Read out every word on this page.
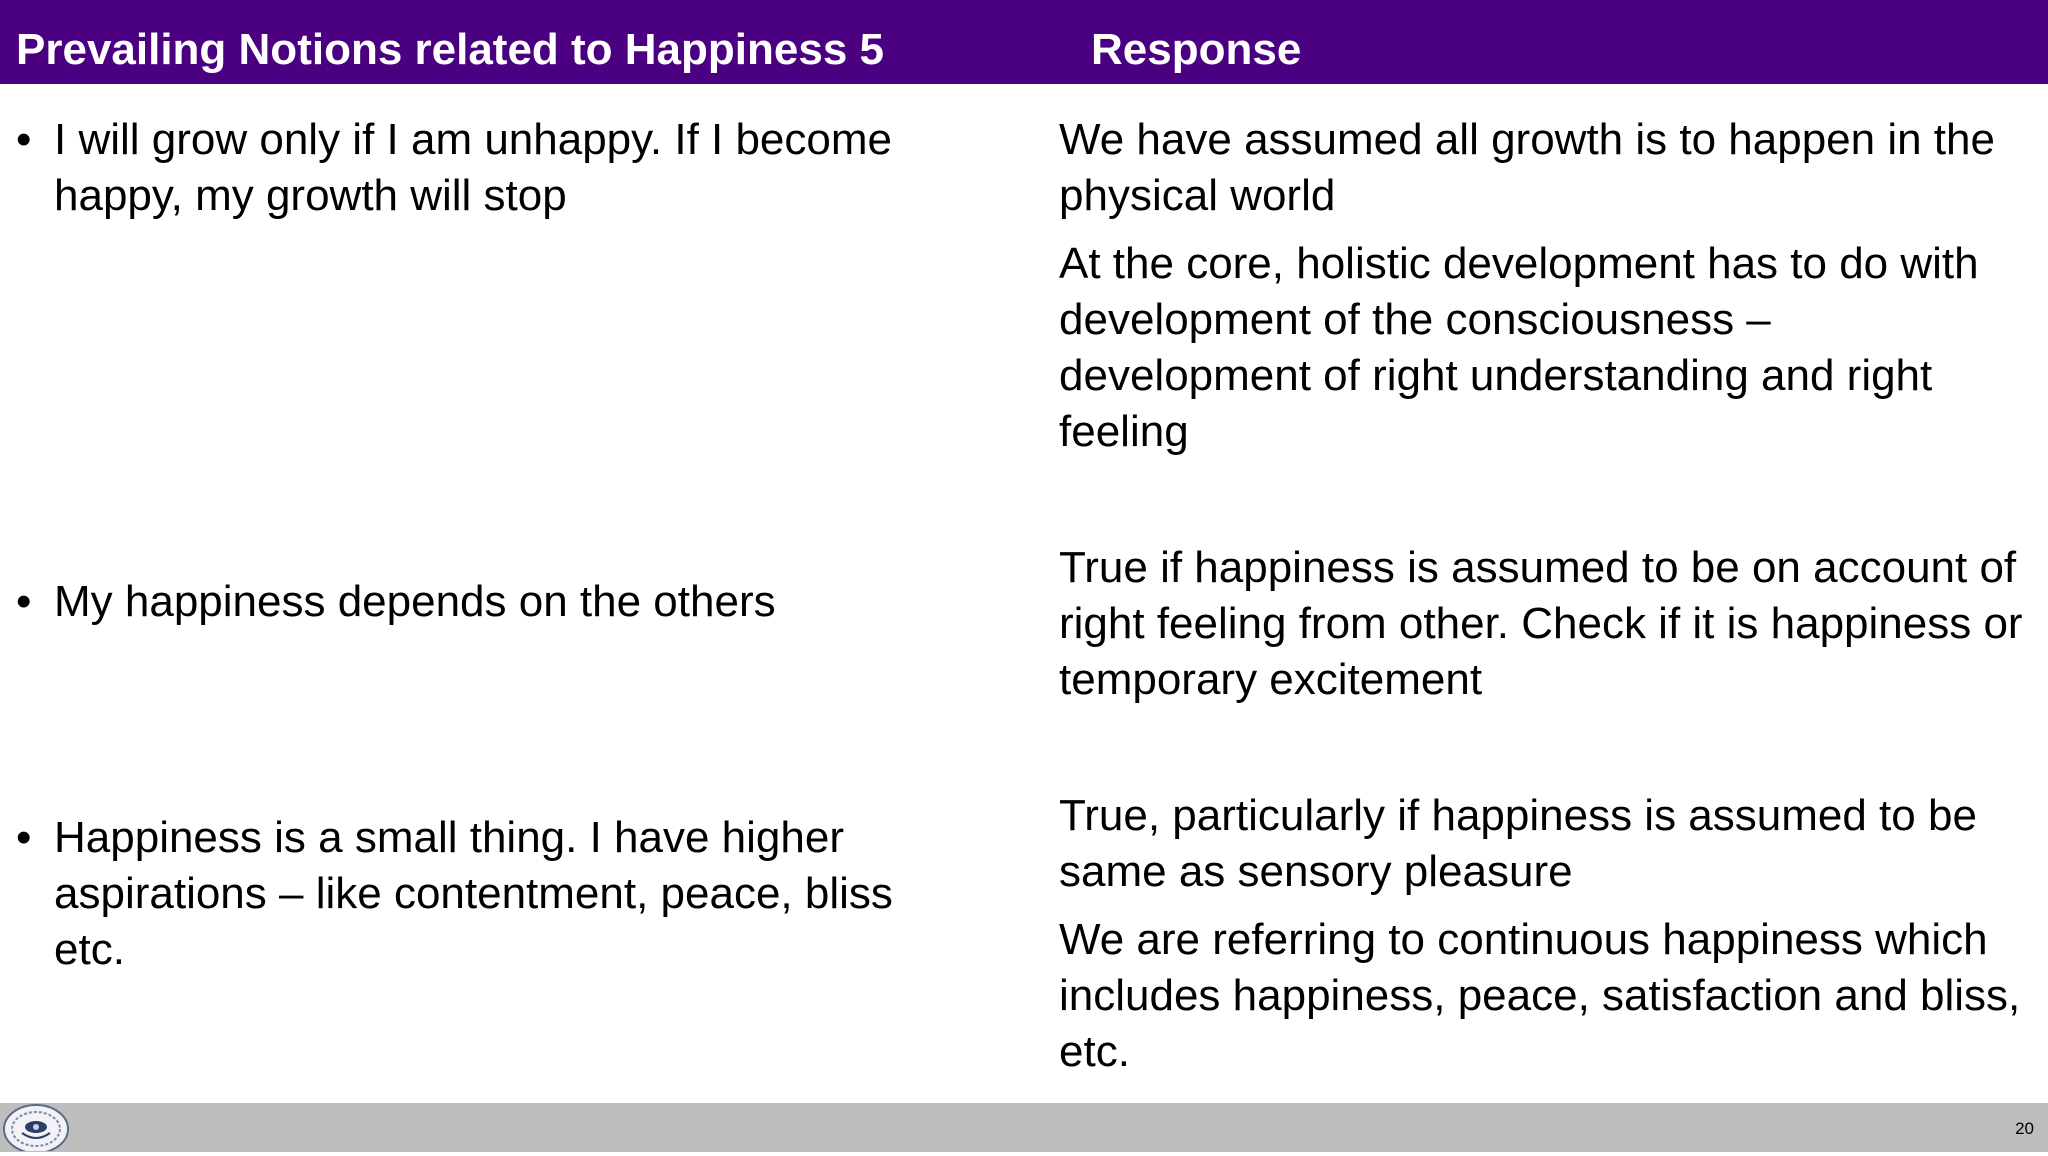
Prevailing Notions related to Happiness 5	Response
• I will grow only if I am unhappy. If I become happy, my growth will stop

We have assumed all growth is to happen in the physical world

At the core, holistic development has to do with development of the consciousness – development of right understanding and right feeling

• My happiness depends on the others

True if happiness is assumed to be on account of right feeling from other. Check if it is happiness or temporary excitement

• Happiness is a small thing. I have higher aspirations – like contentment, peace, bliss etc.

True, particularly if happiness is assumed to be same as sensory pleasure

We are referring to continuous happiness which includes happiness, peace, satisfaction and bliss, etc.

20
